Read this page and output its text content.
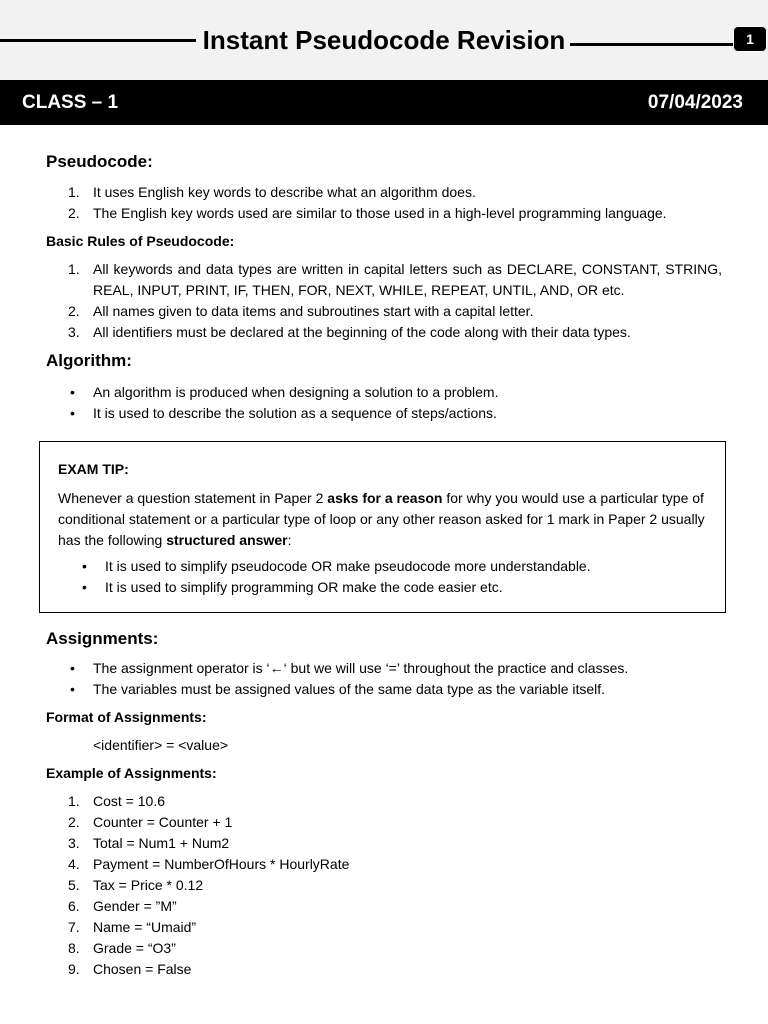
Instant Pseudocode Revision	1
CLASS – 1	07/04/2023
Pseudocode:
1. It uses English key words to describe what an algorithm does.
2. The English key words used are similar to those used in a high-level programming language.
Basic Rules of Pseudocode:
1. All keywords and data types are written in capital letters such as DECLARE, CONSTANT, STRING, REAL, INPUT, PRINT, IF, THEN, FOR, NEXT, WHILE, REPEAT, UNTIL, AND, OR etc.
2. All names given to data items and subroutines start with a capital letter.
3. All identifiers must be declared at the beginning of the code along with their data types.
Algorithm:
• An algorithm is produced when designing a solution to a problem.
• It is used to describe the solution as a sequence of steps/actions.

EXAM TIP:

Whenever a question statement in Paper 2 asks for a reason for why you would use a particular type of conditional statement or a particular type of loop or any other reason asked for 1 mark in Paper 2 usually has the following structured answer:

• It is used to simplify pseudocode OR make pseudocode more understandable.
• It is used to simplify programming OR make the code easier etc.
Assignments:
• The assignment operator is ‘←‘ but we will use ‘=’ throughout the practice and classes.
• The variables must be assigned values of the same data type as the variable itself.
Format of Assignments:

<identifier> = <value>

Example of Assignments:
1. Cost = 10.6
2. Counter = Counter + 1
3. Total = Num1 + Num2
4. Payment = NumberOfHours * HourlyRate
5. Tax = Price * 0.12
6. Gender = ”M”
7. Name = “Umaid”
8. Grade = “O3”
9. Chosen = False
